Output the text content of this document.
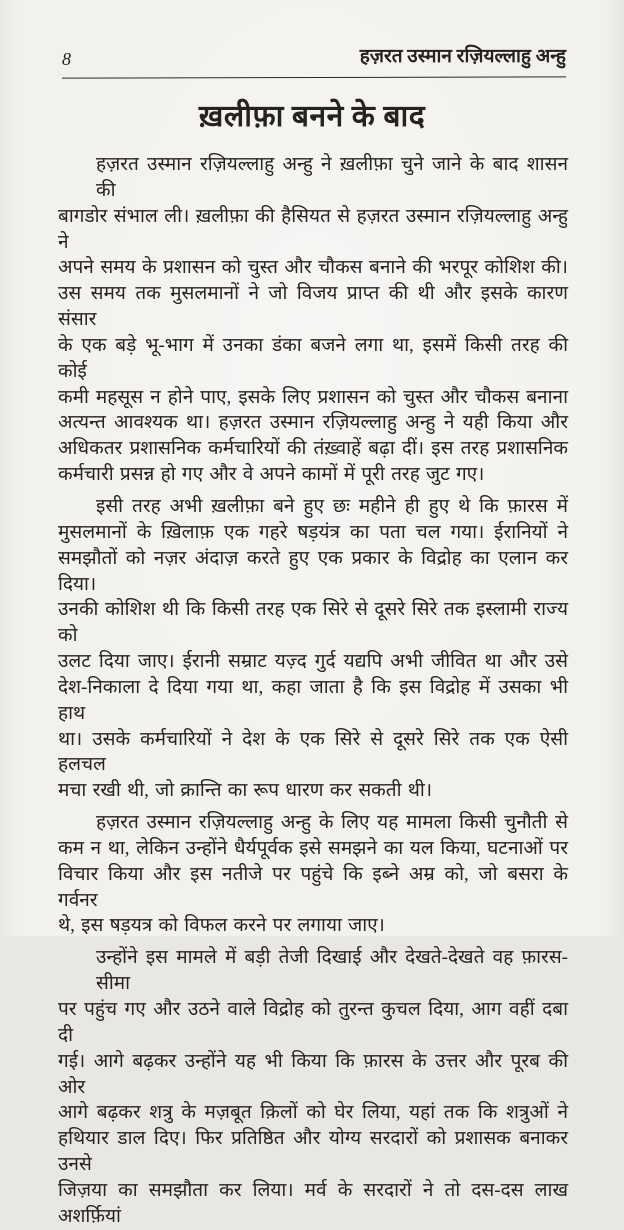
8	हज़रत उस्मान रज़ियल्लाहु अन्हु
ख़लीफ़ा बनने के बाद
हज़रत उस्मान रज़ियल्लाहु अन्हु ने ख़लीफ़ा चुने जाने के बाद शासन की
बागडोर संभाल ली। ख़लीफ़ा की हैसियत से हज़रत उस्मान रज़ियल्लाहु अन्हु ने
अपने समय के प्रशासन को चुस्त और चौकस बनाने की भरपूर कोशिश की।
उस समय तक मुसलमानों ने जो विजय प्राप्त की थी और इसके कारण संसार
के एक बड़े भू-भाग में उनका डंका बजने लगा था, इसमें किसी तरह की कोई
कमी महसूस न होने पाए, इसके लिए प्रशासन को चुस्त और चौकस बनाना
अत्यन्त आवश्यक था। हज़रत उस्मान रज़ियल्लाहु अन्हु ने यही किया और
अधिकतर प्रशासनिक कर्मचारियों की तंख़्वाहें बढ़ा दीं। इस तरह प्रशासनिक
कर्मचारी प्रसन्न हो गए और वे अपने कामों में पूरी तरह जुट गए।
इसी तरह अभी ख़लीफ़ा बने हुए छः महीने ही हुए थे कि फ़ारस में
मुसलमानों के ख़िलाफ़ एक गहरे षड़यंत्र का पता चल गया। ईरानियों ने
समझौतों को नज़र अंदाज़ करते हुए एक प्रकार के विद्रोह का एलान कर दिया।
उनकी कोशिश थी कि किसी तरह एक सिरे से दूसरे सिरे तक इस्लामी राज्य को
उलट दिया जाए। ईरानी सम्राट यज़्द गुर्द यद्यपि अभी जीवित था और उसे
देश-निकाला दे दिया गया था, कहा जाता है कि इस विद्रोह में उसका भी हाथ
था। उसके कर्मचारियों ने देश के एक सिरे से दूसरे सिरे तक एक ऐसी हलचल
मचा रखी थी, जो क्रान्ति का रूप धारण कर सकती थी।
हज़रत उस्मान रज़ियल्लाहु अन्हु के लिए यह मामला किसी चुनौती से
कम न था, लेकिन उन्होंने धैर्यपूर्वक इसे समझने का यल किया, घटनाओं पर
विचार किया और इस नतीजे पर पहुंचे कि इब्ने अम्र को, जो बसरा के गर्वनर
थे, इस षड़यत्र को विफल करने पर लगाया जाए।
उन्होंने इस मामले में बड़ी तेजी दिखाई और देखते-देखते वह फ़ारस-सीमा
पर पहुंच गए और उठने वाले विद्रोह को तुरन्त कुचल दिया, आग वहीं दबा दी
गई। आगे बढ़कर उन्होंने यह भी किया कि फ़ारस के उत्तर और पूरब की ओर
आगे बढ़कर शत्रु के मज़बूत क़िलों को घेर लिया, यहां तक कि शत्रुओं ने
हथियार डाल दिए। फिर प्रतिष्ठित और योग्य सरदारों को प्रशासक बनाकर उनसे
जिज़या का समझौता कर लिया। मर्व के सरदारों ने तो दस-दस लाख अशर्फ़ियां
